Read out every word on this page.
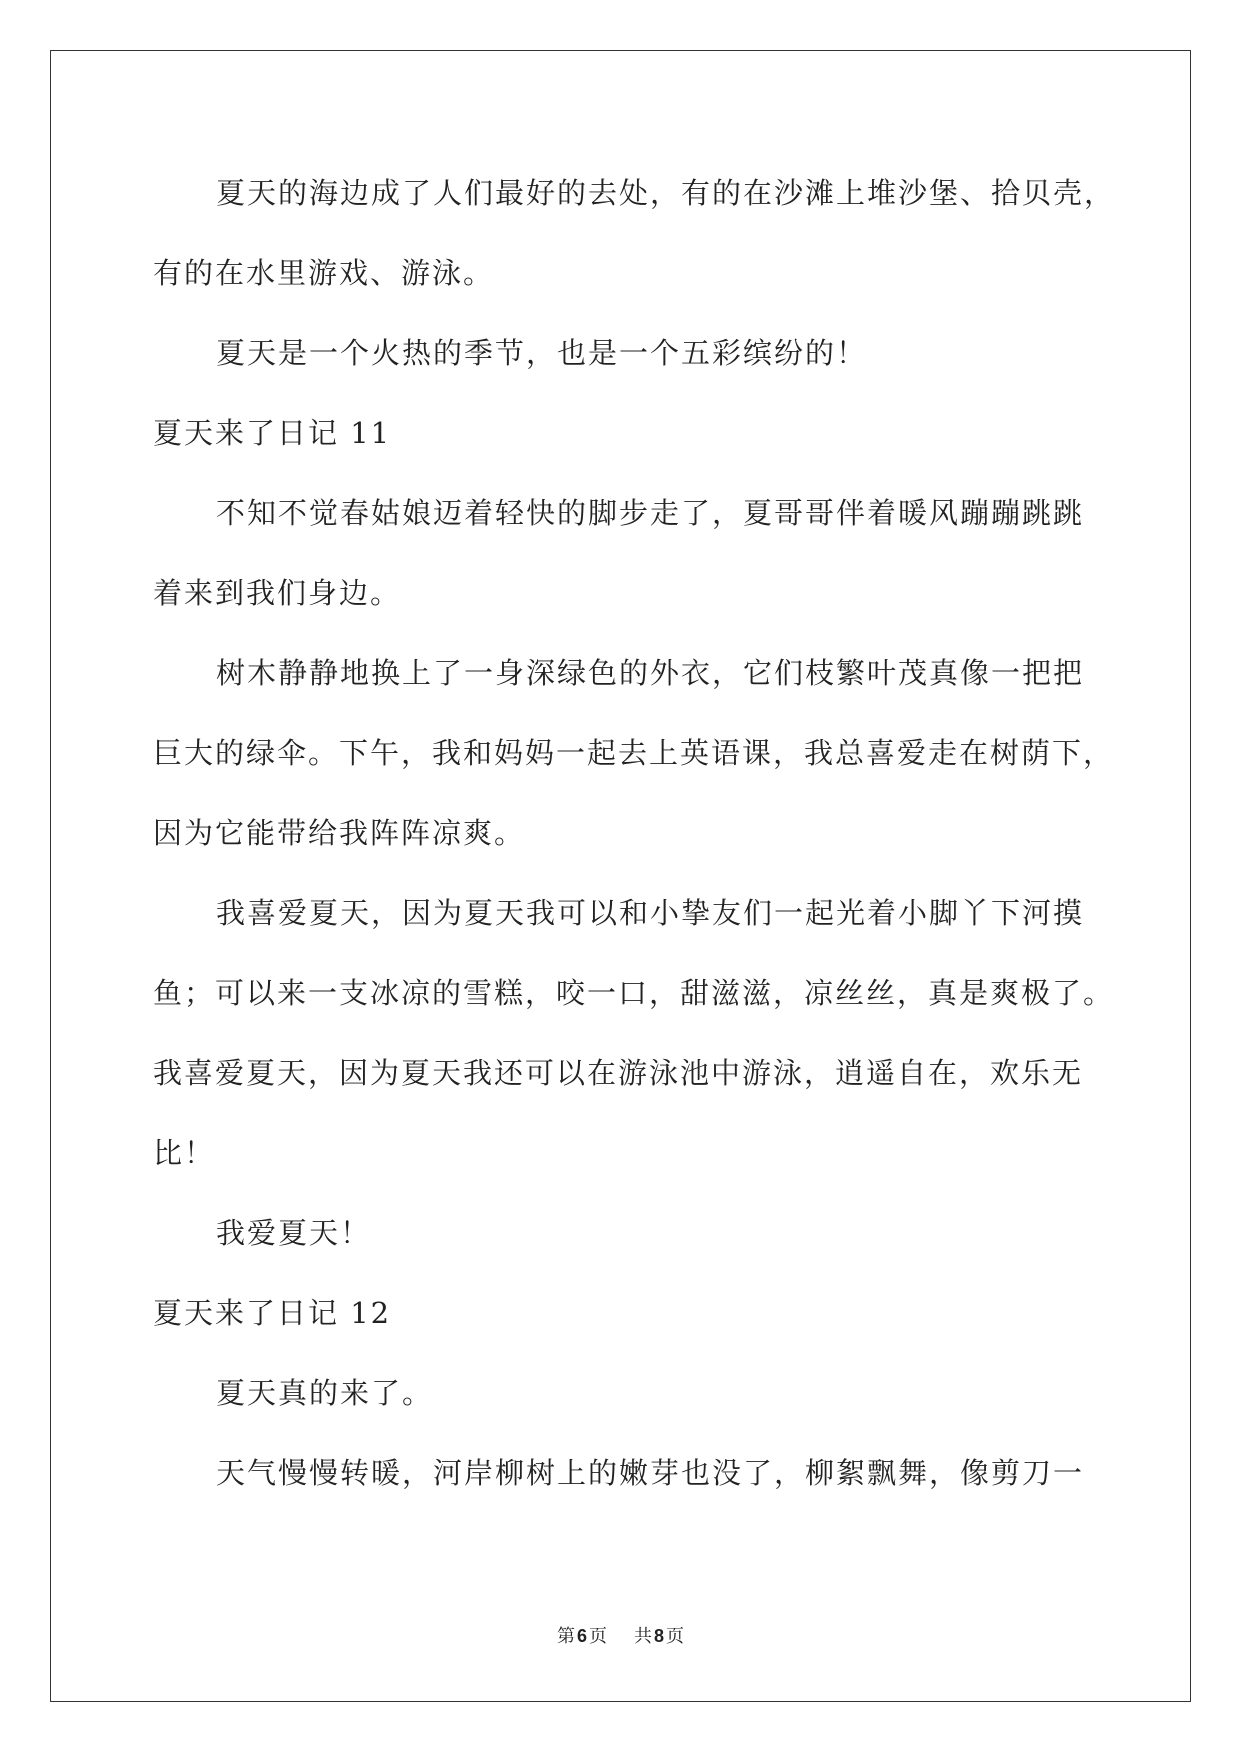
夏天的海边成了人们最好的去处，有的在沙滩上堆沙堡、拾贝壳，
有的在水里游戏、游泳。
夏天是一个火热的季节，也是一个五彩缤纷的！
夏天来了日记 11
不知不觉春姑娘迈着轻快的脚步走了，夏哥哥伴着暖风蹦蹦跳跳
着来到我们身边。
树木静静地换上了一身深绿色的外衣，它们枝繁叶茂真像一把把
巨大的绿伞。下午，我和妈妈一起去上英语课，我总喜爱走在树荫下，
因为它能带给我阵阵凉爽。
我喜爱夏天，因为夏天我可以和小挚友们一起光着小脚丫下河摸
鱼；可以来一支冰凉的雪糕，咬一口，甜滋滋，凉丝丝，真是爽极了。
我喜爱夏天，因为夏天我还可以在游泳池中游泳，逍遥自在，欢乐无
比！
我爱夏天！
夏天来了日记 12
夏天真的来了。
天气慢慢转暖，河岸柳树上的嫩芽也没了，柳絮飘舞，像剪刀一
第 6 页 共 8 页
